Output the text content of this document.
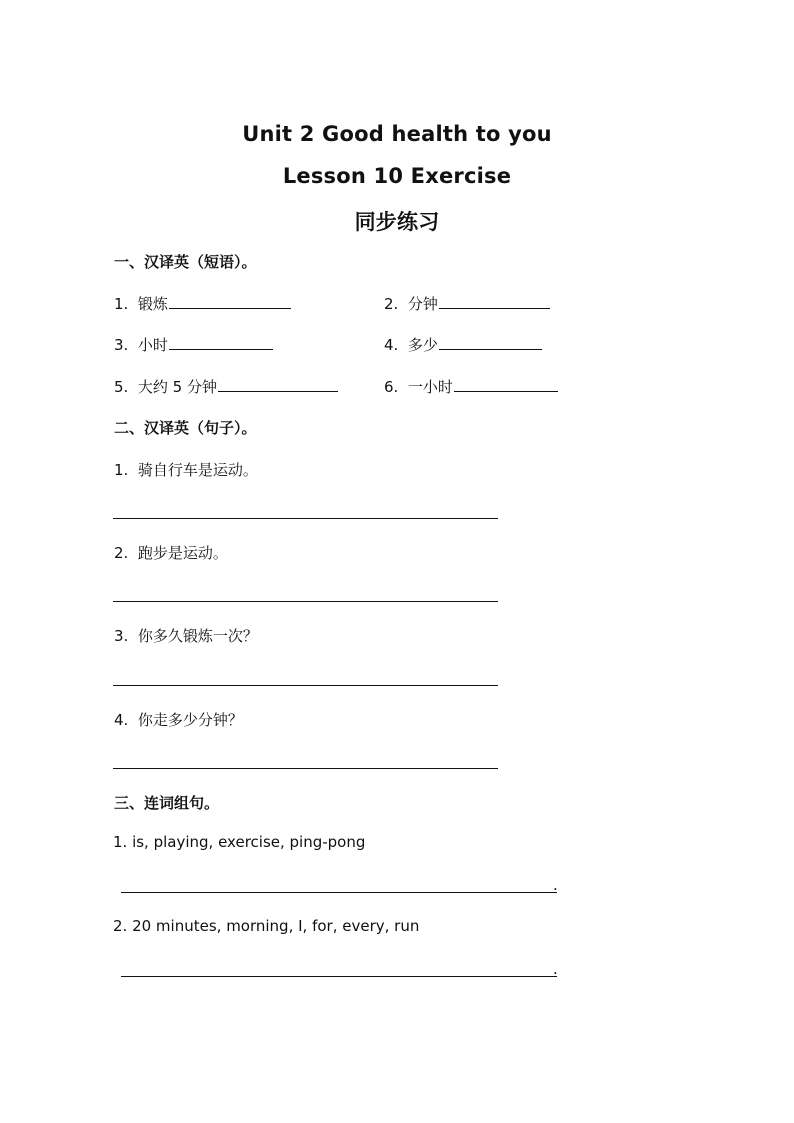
Unit 2 Good health to you
Lesson 10 Exercise
同步练习
一、汉译英（短语）。
1. 锻炼	2. 分钟
3. 小时	4. 多少
5. 大约 5 分钟	6. 一小时
二、汉译英（句子）。
1. 骑自行车是运动。
2. 跑步是运动。
3. 你多久锻炼一次？
4. 你走多少分钟？
三、连词组句。
1. is, playing, exercise, ping-pong
.
2. 20 minutes, morning, I, for, every, run
.
